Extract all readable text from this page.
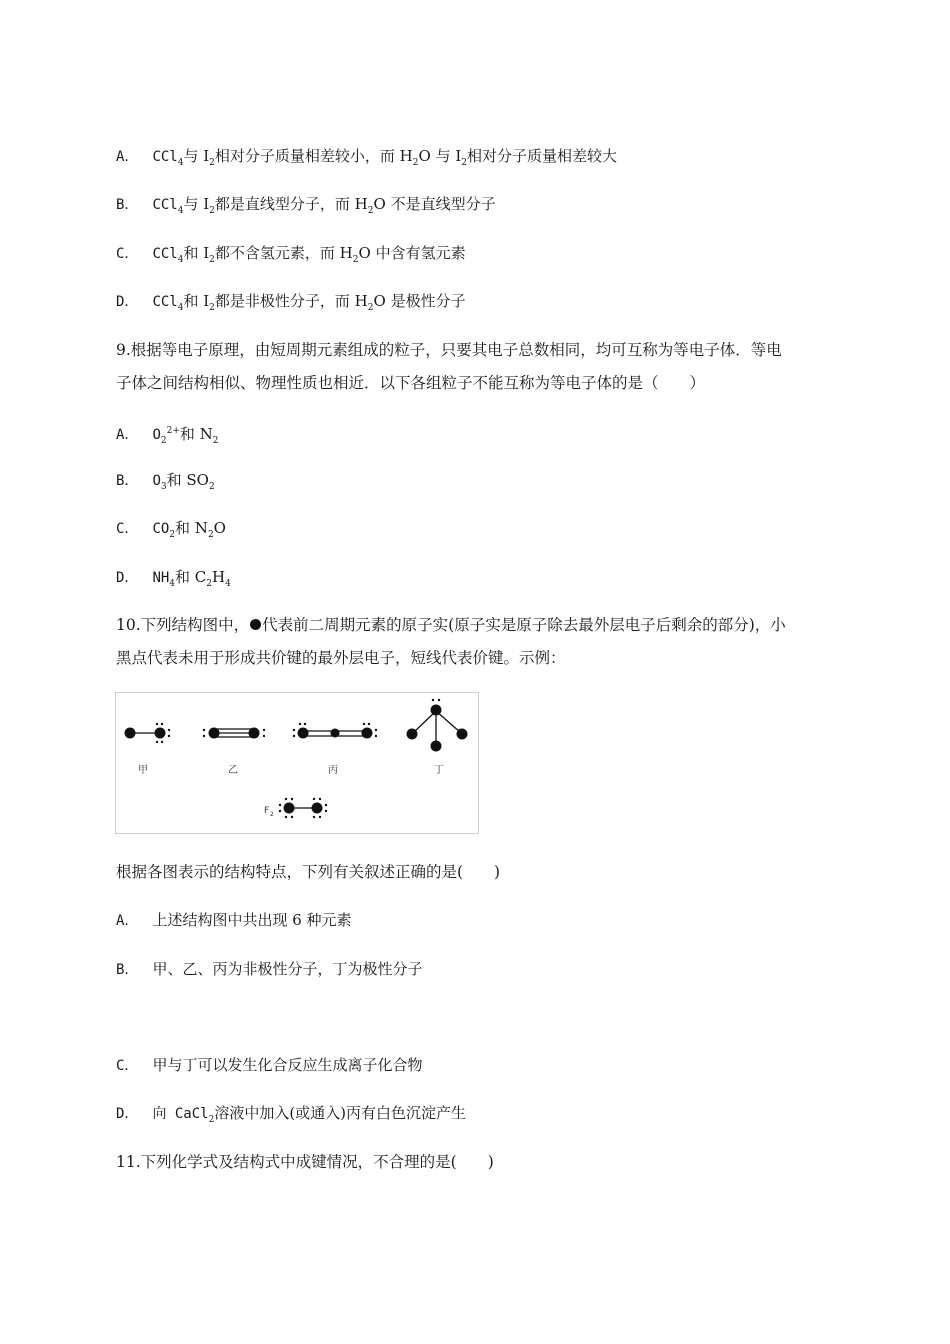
A． CCl$_4$与 $I_2$相对分子质量相差较小，而 $H_2O$ 与 $I_2$相对分子质量相差较大
B． CCl$_4$与 $I_2$都是直线型分子，而 $H_2O$ 不是直线型分子
C． CCl$_4$和 $I_2$都不含氢元素，而 $H_2O$ 中含有氢元素
D． CCl$_4$和 $I_2$都是非极性分子，而 $H_2O$ 是极性分子
9.根据等电子原理，由短周期元素组成的粒子，只要其电子总数相同，均可互称为等电子体．等电
子体之间结构相似、物理性质也相近．以下各组粒子不能互称为等电子体的是（　　）
A． $O_2^{2+}$和 $N_2$
B． $O_3$和 $SO_2$
C． $CO_2$和 $N_2O$
D． $NH_4$和 $C_2H_4$
10.下列结构图中， 代表前二周期元素的原子实(原子实是原子除去最外层电子后剩余的部分)，小
黑点代表未用于形成共价键的最外层电子，短线代表价键。示例：
甲	乙	丙	丁
F 2
根据各图表示的结构特点，下列有关叙述正确的是(　　)
A． 上述结构图中共出现 6 种元素
B． 甲、乙、丙为非极性分子，丁为极性分子
C． 甲与丁可以发生化合反应生成离子化合物
D． 向 CaCl$_2$溶液中加入(或通入)丙有白色沉淀产生
11.下列化学式及结构式中成键情况，不合理的是(　　)
